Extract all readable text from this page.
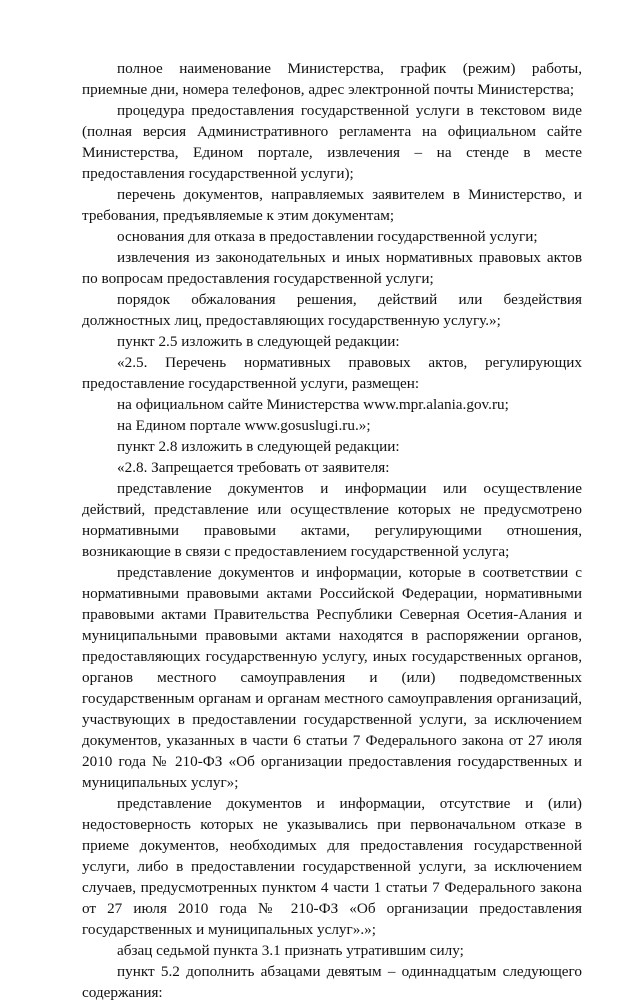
полное наименование Министерства, график (режим) работы, приемные дни, номера телефонов, адрес электронной почты Министерства;

процедура предоставления государственной услуги в текстовом виде (полная версия Административного регламента на официальном сайте Министерства, Едином портале, извлечения – на стенде в месте предоставления государственной услуги);

перечень документов, направляемых заявителем в Министерство, и требования, предъявляемые к этим документам;

основания для отказа в предоставлении государственной услуги;

извлечения из законодательных и иных нормативных правовых актов по вопросам предоставления государственной услуги;

порядок обжалования решения, действий или бездействия должностных лиц, предоставляющих государственную услугу.»;

пункт 2.5 изложить в следующей редакции:

«2.5. Перечень нормативных правовых актов, регулирующих предоставление государственной услуги, размещен:

на официальном сайте Министерства www.mpr.alania.gov.ru;

на Едином портале www.gosuslugi.ru.»;

пункт 2.8 изложить в следующей редакции:

«2.8. Запрещается требовать от заявителя:

представление документов и информации или осуществление действий, представление или осуществление которых не предусмотрено нормативными правовыми актами, регулирующими отношения, возникающие в связи с предоставлением государственной услуга;

представление документов и информации, которые в соответствии с нормативными правовыми актами Российской Федерации, нормативными правовыми актами Правительства Республики Северная Осетия-Алания и муниципальными правовыми актами находятся в распоряжении органов, предоставляющих государственную услугу, иных государственных органов, органов местного самоуправления и (или) подведомственных государственным органам и органам местного самоуправления организаций, участвующих в предоставлении государственной услуги, за исключением документов, указанных в части 6 статьи 7 Федерального закона от 27 июля 2010 года № 210-ФЗ «Об организации предоставления государственных и муниципальных услуг»;

представление документов и информации, отсутствие и (или) недостоверность которых не указывались при первоначальном отказе в приеме документов, необходимых для предоставления государственной услуги, либо в предоставлении государственной услуги, за исключением случаев, предусмотренных пунктом 4 части 1 статьи 7 Федерального закона от 27 июля 2010 года № 210-ФЗ «Об организации предоставления государственных и муниципальных услуг».»;

абзац седьмой пункта 3.1 признать утратившим силу;

пункт 5.2 дополнить абзацами девятым – одиннадцатым следующего содержания:
